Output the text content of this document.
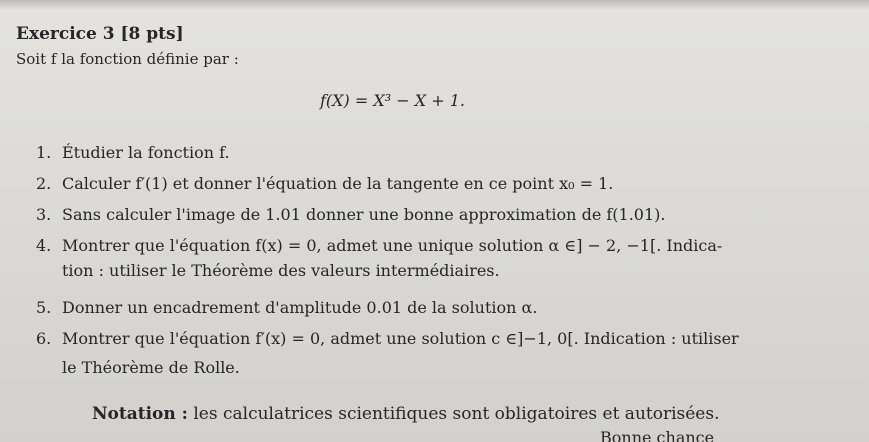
Exercice 3 [8 pts]
Soit f la fonction définie par :
f(X) = X³ − X + 1.
1. Étudier la fonction f.
2. Calculer f′(1) et donner l'équation de la tangente en ce point x₀ = 1.
3. Sans calculer l'image de 1.01 donner une bonne approximation de f(1.01).
4. Montrer que l'équation f(x) = 0, admet une unique solution α ∈] − 2, −1[. Indica-
tion : utiliser le Théorème des valeurs intermédiaires.
5. Donner un encadrement d'amplitude 0.01 de la solution α.
6. Montrer que l'équation f′(x) = 0, admet une solution c ∈]−1, 0[. Indication : utiliser
le Théorème de Rolle.
Notation : les calculatrices scientifiques sont obligatoires et autorisées.
Bonne chance
